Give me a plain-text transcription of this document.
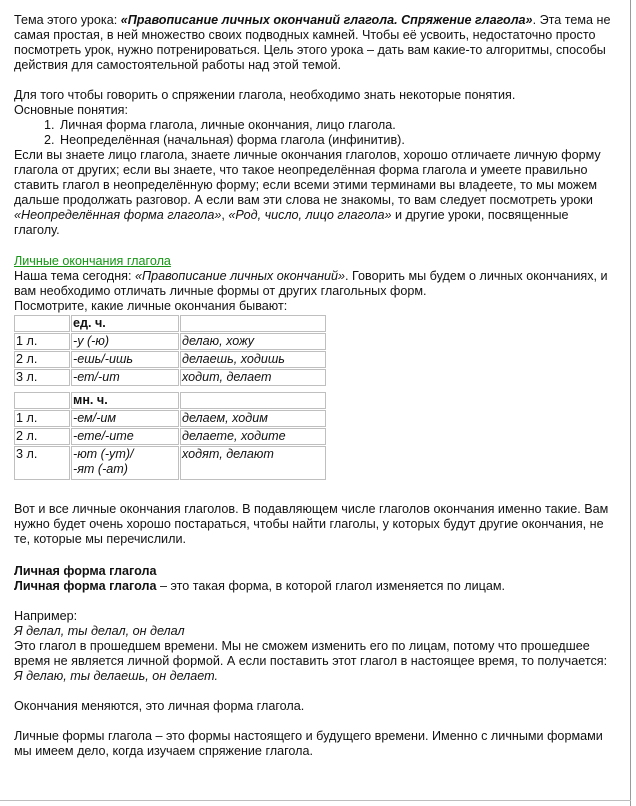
Тема этого урока: «Правописание личных окончаний глагола. Спряжение глагола». Эта тема не самая простая, в ней множество своих подводных камней. Чтобы её усвоить, недостаточно просто посмотреть урок, нужно потренироваться. Цель этого урока – дать вам какие-то алгоритмы, способы действия для самостоятельной работы над этой темой.

Для того чтобы говорить о спряжении глагола, необходимо знать некоторые понятия.

Основные понятия:

1. Личная форма глагола, личные окончания, лицо глагола.
2. Неопределённая (начальная) форма глагола (инфинитив).

Если вы знаете лицо глагола, знаете личные окончания глаголов, хорошо отличаете личную форму глагола от других; если вы знаете, что такое неопределённая форма глагола и умеете правильно ставить глагол в неопределённую форму; если всеми этими терминами вы владеете, то мы можем дальше продолжать разговор. А если вам эти слова не знакомы, то вам следует посмотреть уроки «Неопределённая форма глагола», «Род, число, лицо глагола» и другие уроки, посвященные глаголу.

Личные окончания глагола

Наша тема сегодня: «Правописание личных окончаний». Говорить мы будем о личных окончаниях, и вам необходимо отличать личные формы от других глагольных форм.

Посмотрите, какие личные окончания бывают:

	ед. ч.	
1 л.	-у (-ю)	делаю, хожу
2 л.	-ешь/-ишь	делаешь, ходишь
3 л.	-ет/-ит	ходит, делает
	мн. ч.	
1 л.	-ем/-им	делаем, ходим
2 л.	-ете/-ите	делаете, ходите
3 л.	-ют (-ут)/
-ят (-ат)	ходят, делают

Вот и все личные окончания глаголов. В подавляющем числе глаголов окончания именно такие. Вам нужно будет очень хорошо постараться, чтобы найти глаголы, у которых будут другие окончания, не те, которые мы перечислили.

Личная форма глагола

Личная форма глагола – это такая форма, в которой глагол изменяется по лицам.

Например:

Я делал, ты делал, он делал

Это глагол в прошедшем времени. Мы не сможем изменить его по лицам, потому что прошедшее время не является личной формой. А если поставить этот глагол в настоящее время, то получается:

Я делаю, ты делаешь, он делает.

Окончания меняются, это личная форма глагола.

Личные формы глагола – это формы настоящего и будущего времени. Именно с личными формами мы имеем дело, когда изучаем спряжение глагола.
